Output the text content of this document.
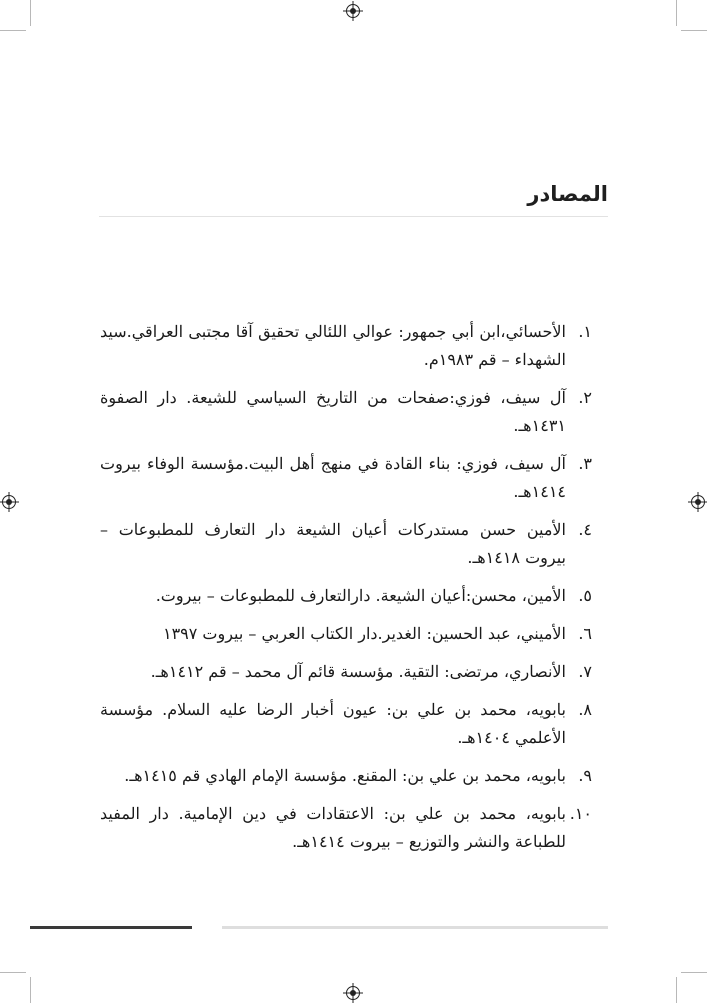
المصادر
١.
الأحسائي،ابن أبي جمهور: عوالي اللئالي تحقيق آقا مجتبى العراقي.سيد الشهداء – قم ١٩٨٣م.
٢.
آل سيف، فوزي:صفحات من التاريخ السياسي للشيعة. دار الصفوة ١٤٣١هـ.
٣.
آل سيف، فوزي: بناء القادة في منهج أهل البيت.مؤسسة الوفاء بيروت ١٤١٤هـ.
٤.
الأمين حسن مستدركات أعيان الشيعة دار التعارف للمطبوعات – بيروت ١٤١٨هـ.
٥.
الأمين، محسن:أعيان الشيعة. دارالتعارف للمطبوعات – بيروت.
٦.
الأميني، عبد الحسين: الغدير.دار الكتاب العربي – بيروت ١٣٩٧
٧.
الأنصاري، مرتضى: التقية. مؤسسة قائم آل محمد – قم ١٤١٢هـ.
٨.
بابويه، محمد بن علي بن: عيون أخبار الرضا عليه السلام. مؤسسة الأعلمي ١٤٠٤هـ.
٩.
بابويه، محمد بن علي بن: المقنع. مؤسسة الإمام الهادي قم ١٤١٥هـ.
١٠.
بابويه، محمد بن علي بن: الاعتقادات في دين الإمامية. دار المفيد للطباعة والنشر والتوزيع – بيروت ١٤١٤هـ.
